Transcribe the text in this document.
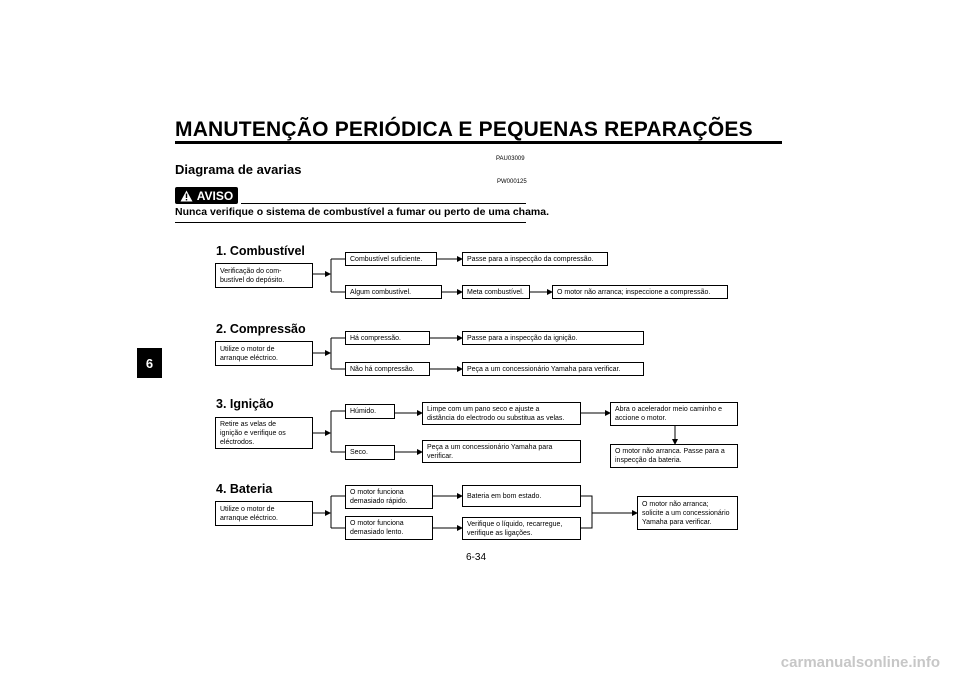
MANUTENÇÃO PERIÓDICA E PEQUENAS REPARAÇÕES
6
PAU03009
Diagrama de avarias
PW000125
AVISO
Nunca verifique o sistema de combustível a fumar ou perto de uma chama.
1. Combustível
Verificação do com-
bustível do depósito.
Combustível suficiente.	Passe para a inspecção da compressão.
Algum combustível.	Meta combustível.	O motor não arranca; inspeccione a compressão.
2. Compressão
Utilize o motor de
arranque eléctrico.
Há compressão.	Passe para a inspecção da ignição.
Não há compressão.	Peça a um concessionário Yamaha para verificar.
3. Ignição
Retire as velas de
ignição e verifique os
eléctrodos.
Húmido.	Limpe com um pano seco e ajuste a
distância do electrodo ou substitua as velas.
Abra o acelerador meio caminho e
accione o motor.
O motor não arranca. Passe para a
inspecção da bateria.
Seco.
Peça a um concessionário Yamaha para
verificar.
4. Bateria
Utilize o motor de
arranque eléctrico.
O motor funciona
demasiado rápido.
Bateria em bom estado.
O motor funciona
demasiado lento.
Verifique o líquido, recarregue,
verifique as ligações.
O motor não arranca;
solicite a um concessionário
Yamaha para verificar.
6-34
carmanualsonline.info
